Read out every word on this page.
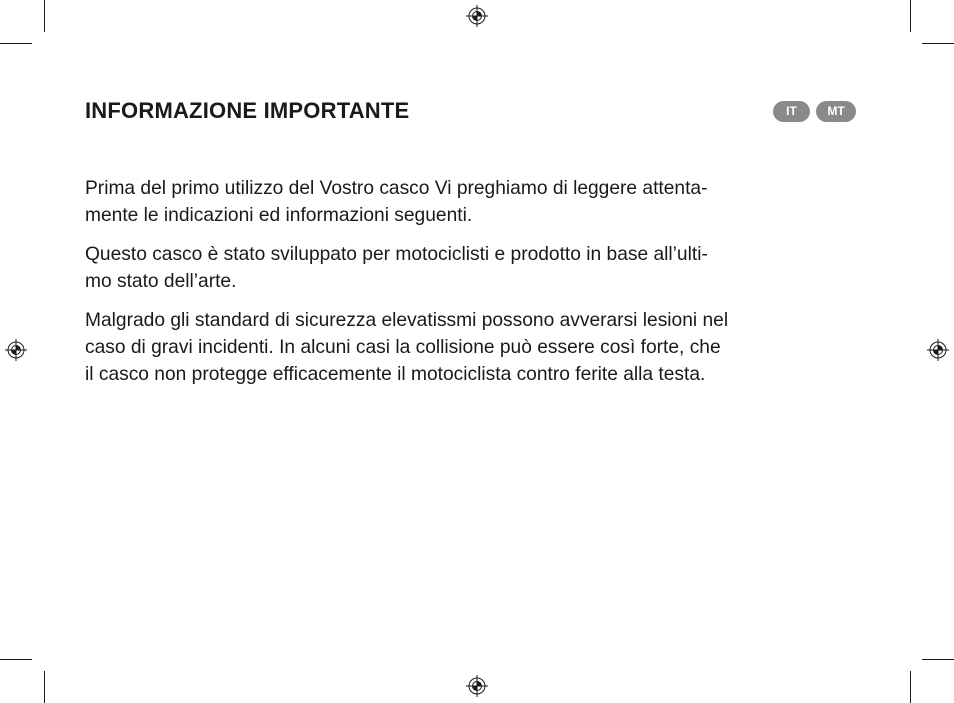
INFORMAZIONE IMPORTANTE	IT	MT

Prima del primo utilizzo del Vostro casco Vi preghiamo di leggere attenta-
mente le indicazioni ed informazioni seguenti.

Questo casco è stato sviluppato per motociclisti e prodotto in base all’ulti-
mo stato dell’arte.

Malgrado gli standard di sicurezza elevatissmi possono avverarsi lesioni nel
caso di gravi incidenti. In alcuni casi la collisione può essere così forte, che
il casco non protegge efficacemente il motociclista contro ferite alla testa.
